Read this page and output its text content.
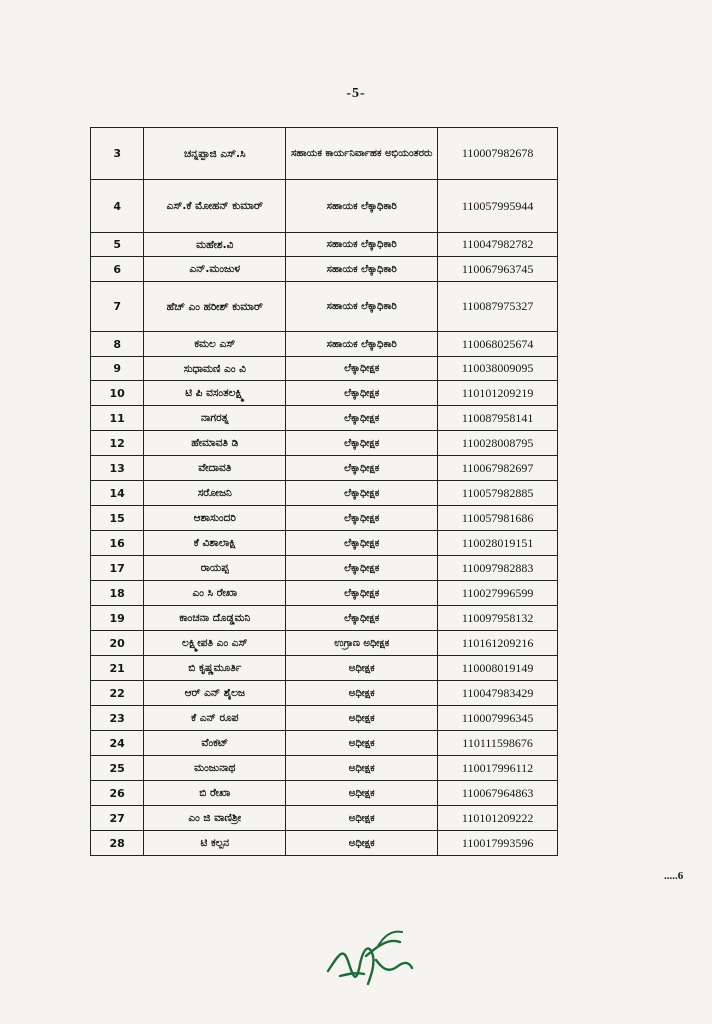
-5-
3	ಚನ್ನಪ್ಪಾಜಿ ಎಸ್.ಸಿ	ಸಹಾಯಕ ಕಾರ್ಯನಿರ್ವಾಹಕ ಅಭಿಯಂತರರು	110007982678
4	ಎಸ್.ಕೆ ಮೋಹನ್ ಕುಮಾರ್	ಸಹಾಯಕ ಲೆಕ್ಕಾಧಿಕಾರಿ	110057995944
5	ಮಹೇಶ.ವಿ	ಸಹಾಯಕ ಲೆಕ್ಕಾಧಿಕಾರಿ	110047982782
6	ಎನ್.ಮಂಜುಳ	ಸಹಾಯಕ ಲೆಕ್ಕಾಧಿಕಾರಿ	110067963745
7	ಹೆಚ್ ಎಂ ಹರೀಶ್ ಕುಮಾರ್	ಸಹಾಯಕ ಲೆಕ್ಕಾಧಿಕಾರಿ	110087975327
8	ಕಮಲ ಎಸ್	ಸಹಾಯಕ ಲೆಕ್ಕಾಧಿಕಾರಿ	110068025674
9	ಸುಧಾಮಣಿ ಎಂ ವಿ	ಲೆಕ್ಕಾಧೀಕ್ಷಕ	110038009095
10	ಟಿ ಪಿ ವಸಂತಲಕ್ಷ್ಮಿ	ಲೆಕ್ಕಾಧೀಕ್ಷಕ	110101209219
11	ನಾಗರತ್ನ	ಲೆಕ್ಕಾಧೀಕ್ಷಕ	110087958141
12	ಹೇಮಾವತಿ ಡಿ	ಲೆಕ್ಕಾಧೀಕ್ಷಕ	110028008795
13	ವೇದಾವತಿ	ಲೆಕ್ಕಾಧೀಕ್ಷಕ	110067982697
14	ಸರೋಜನಿ	ಲೆಕ್ಕಾಧೀಕ್ಷಕ	110057982885
15	ಆಶಾಸುಂದರಿ	ಲೆಕ್ಕಾಧೀಕ್ಷಕ	110057981686
16	ಕೆ ವಿಶಾಲಾಕ್ಷಿ	ಲೆಕ್ಕಾಧೀಕ್ಷಕ	110028019151
17	ರಾಯಪ್ಪ	ಲೆಕ್ಕಾಧೀಕ್ಷಕ	110097982883
18	ಎಂ ಸಿ ರೇಖಾ	ಲೆಕ್ಕಾಧೀಕ್ಷಕ	110027996599
19	ಕಾಂಚನಾ ದೊಡ್ಡಮನಿ	ಲೆಕ್ಕಾಧೀಕ್ಷಕ	110097958132
20	ಲಕ್ಷ್ಮೀಪತಿ ಎಂ ಎಸ್	ಉಗ್ರಾಣ ಅಧೀಕ್ಷಕ	110161209216
21	ಬಿ ಕೃಷ್ಣಮೂರ್ತಿ	ಅಧೀಕ್ಷಕ	110008019149
22	ಆರ್ ಎನ್ ಶೈಲಜ	ಅಧೀಕ್ಷಕ	110047983429
23	ಕೆ ಎನ್ ರೂಪ	ಅಧೀಕ್ಷಕ	110007996345
24	ವೆಂಕಟ್	ಅಧೀಕ್ಷಕ	110111598676
25	ಮಂಜುನಾಥ	ಅಧೀಕ್ಷಕ	110017996112
26	ಬಿ ರೇಖಾ	ಅಧೀಕ್ಷಕ	110067964863
27	ಎಂ ಜಿ ವಾಣಿಶ್ರೀ	ಅಧೀಕ್ಷಕ	110101209222
28	ಟಿ ಕಲ್ಪನ	ಅಧೀಕ್ಷಕ	110017993596
.....6
